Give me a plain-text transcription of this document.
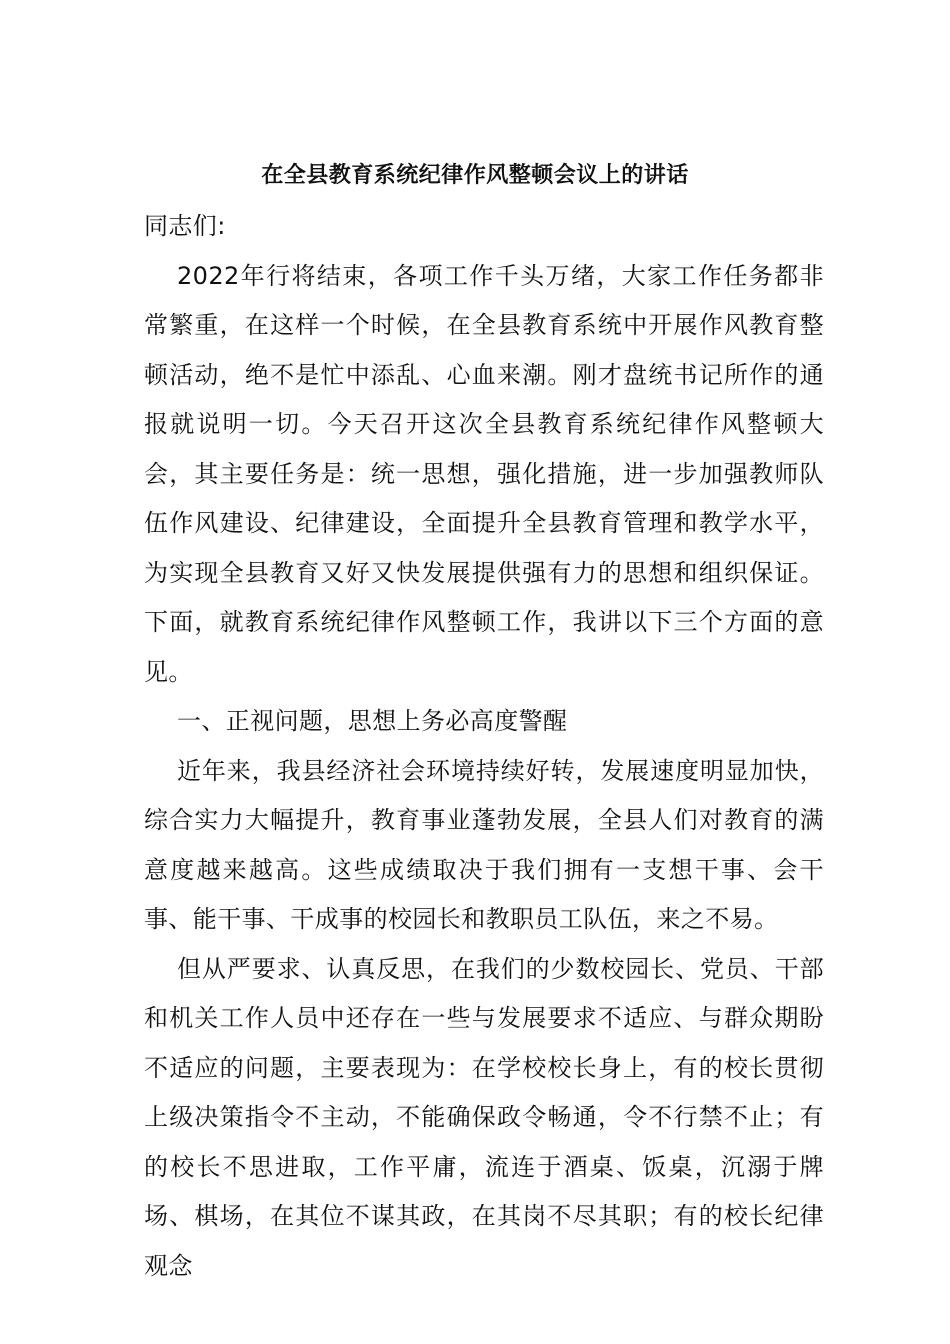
在全县教育系统纪律作风整顿会议上的讲话

同志们:

2022年行将结束，各项工作千头万绪，大家工作任务都非常繁重，在这样一个时候，在全县教育系统中开展作风教育整顿活动，绝不是忙中添乱、心血来潮。刚才盘统书记所作的通报就说明一切。今天召开这次全县教育系统纪律作风整顿大会，其主要任务是：统一思想，强化措施，进一步加强教师队伍作风建设、纪律建设，全面提升全县教育管理和教学水平，为实现全县教育又好又快发展提供强有力的思想和组织保证。下面，就教育系统纪律作风整顿工作，我讲以下三个方面的意见。

一、正视问题，思想上务必高度警醒

近年来，我县经济社会环境持续好转，发展速度明显加快，综合实力大幅提升，教育事业蓬勃发展，全县人们对教育的满意度越来越高。这些成绩取决于我们拥有一支想干事、会干事、能干事、干成事的校园长和教职员工队伍，来之不易。

但从严要求、认真反思，在我们的少数校园长、党员、干部和机关工作人员中还存在一些与发展要求不适应、与群众期盼不适应的问题，主要表现为：在学校校长身上，有的校长贯彻上级决策指令不主动，不能确保政令畅通，令不行禁不止；有的校长不思进取，工作平庸，流连于酒桌、饭桌，沉溺于牌场、棋场，在其位不谋其政，在其岗不尽其职；有的校长纪律观念
